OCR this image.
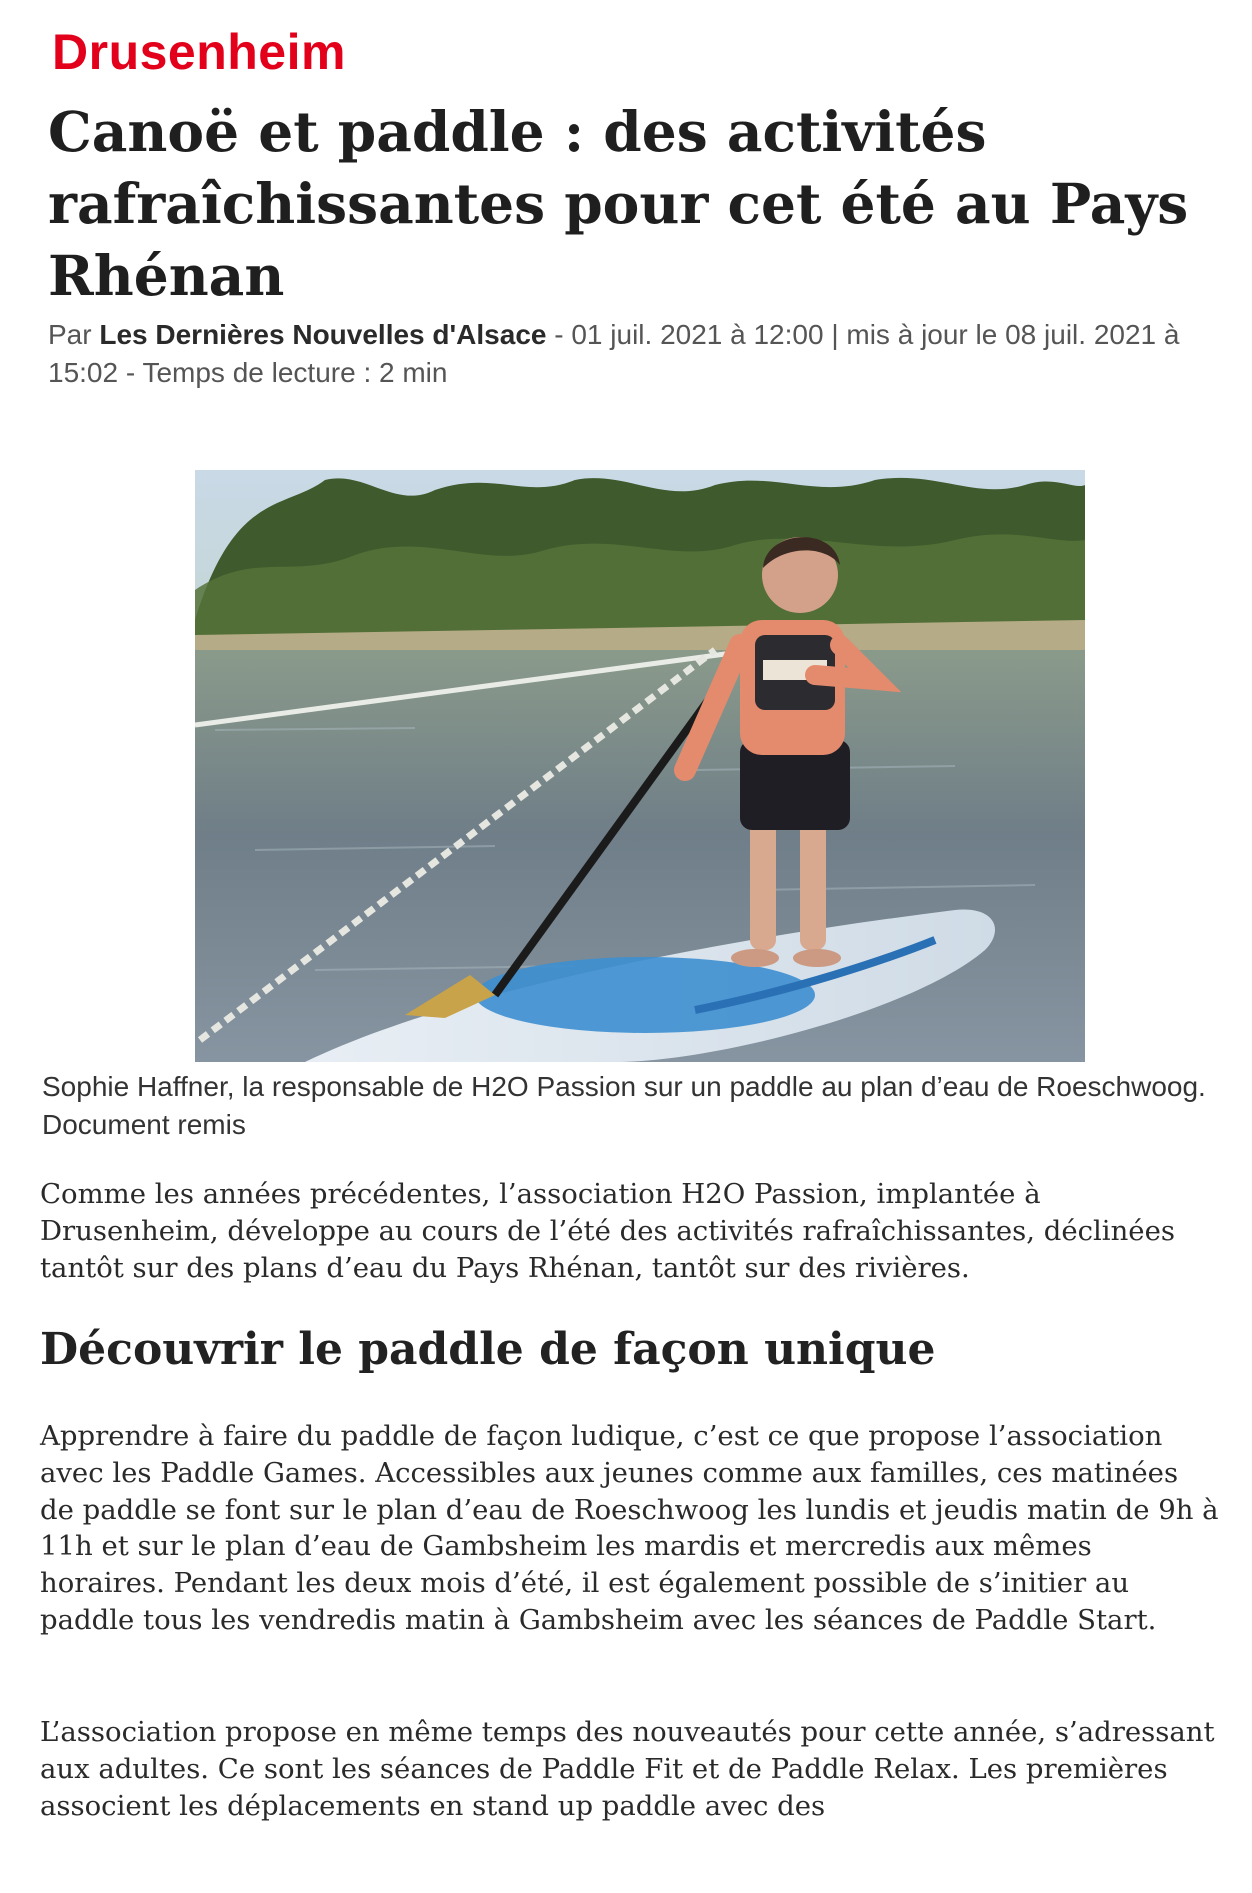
Drusenheim
Canoë et paddle : des activités rafraîchissantes pour cet été au Pays Rhénan
Par Les Dernières Nouvelles d'Alsace - 01 juil. 2021 à 12:00 | mis à jour le 08 juil. 2021 à 15:02 - Temps de lecture : 2 min
Sophie Haffner, la responsable de H2O Passion sur un paddle au plan d’eau de Roeschwoog. Document remis

Comme les années précédentes, l’association H2O Passion, implantée à Drusenheim, développe au cours de l’été des activités rafraîchissantes, déclinées tantôt sur des plans d’eau du Pays Rhénan, tantôt sur des rivières.

Découvrir le paddle de façon unique

Apprendre à faire du paddle de façon ludique, c’est ce que propose l’association avec les Paddle Games. Accessibles aux jeunes comme aux familles, ces matinées de paddle se font sur le plan d’eau de Roeschwoog les lundis et jeudis matin de 9h à 11h et sur le plan d’eau de Gambsheim les mardis et mercredis aux mêmes horaires. Pendant les deux mois d’été, il est également possible de s’initier au paddle tous les vendredis matin à Gambsheim avec les séances de Paddle Start.

L’association propose en même temps des nouveautés pour cette année, s’adressant aux adultes. Ce sont les séances de Paddle Fit et de Paddle Relax. Les premières associent les déplacements en stand up paddle avec des
